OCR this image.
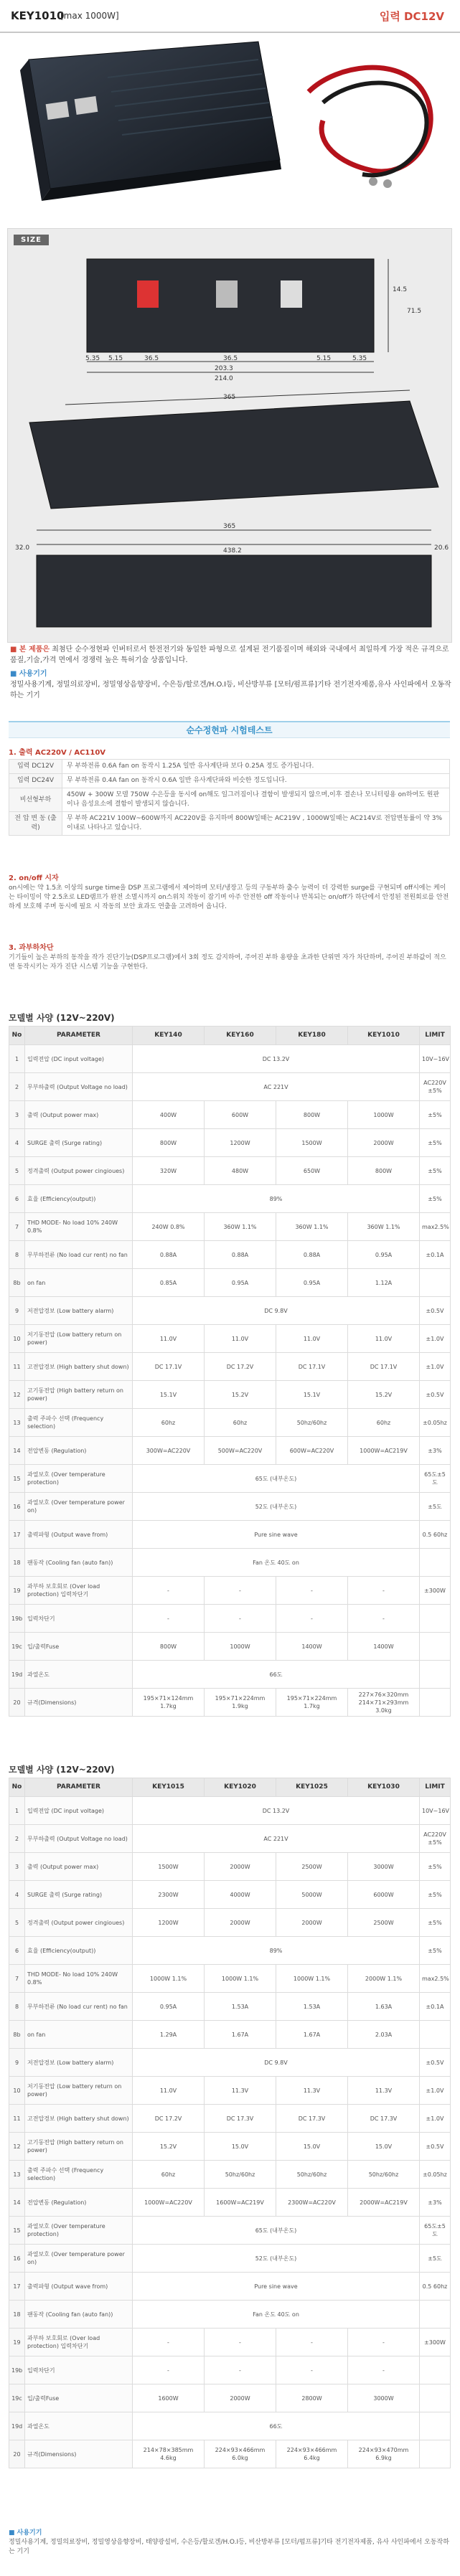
KEY1010
[max 1000W]	입력 DC12V
SIZE
5.35 5.15	36.5	36.5	5.15	5.35
203.3
214.0
14.5
71.5
365
32.0
365
438.2	20.6

■ 본 제품은 최첨단 순수정현파 인버터로서 한전전기와 동일한 파형으로 설계된 전기품질이며 해외와 국내에서 최일하게 가장 적은 규격으로 품질,기술,가격 면에서 경쟁력 높은 특허기술 상품입니다.

■ 사용기기

정밀사용기계, 정밀의료장비, 정밀영상음향장비, 수은등/할로겐/H.O.I등, 비산방부류 [모터/펌프류]기타 전기전자제품,유사 사인파에서 오동작하는 기기

순수정현파 시험테스트
1. 출력 AC220V / AC110V
입력 DC12V	무 부하전류 0.6A fan on 동작시 1.25A 일반 유사계단파 보다 0.25A 정도 증가됩니다.
입력 DC24V	무 부하전류 0.4A fan on 동작시 0.6A 일반 유사계단파와 비슷한 정도입니다.
비선형부하	450W + 300W 모델 750W 수은등을 동시에 on해도 일그러짐이나 결함이 발생되지 않으며,이후 결손나 모니터링용 on하여도 원판이나 음성요소에 결함이 발생되지 않습니다.
전 압 변 동 (출력)	무 부하 AC221V 100W~600W까지 AC220V를 유지하며 800W일때는 AC219V , 1000W일때는 AC214V로 전압변동률이 약 3% 이내로 나타나고 있습니다.
2. on/off 시자
on시에는 약 1.5초 이상의 surge time을 DSP 프로그램에서 제어하며 모터/냉장고 등의 구동부하 출수 능력이 더 강력한 surge를 구현되며 off시에는 케이는 타이밍이 약 2.5초로 LED램프가 완전 소멸시까지 on스위치 작동이 잠기며 아주 안전한 off 작동이나 반복되는 on/off가 하단에서 안정된 전원회로를 안전하게 보호해 주며 동시에 필요 시 작동의 보안 효과도 연출을 고려하여 옵니다.
3. 과부하차단
기기들이 높은 부하의 동작을 작가 진단기능(DSP프로그램)에서 3회 정도 감지하여, 주어진 부하 용량을 초과한 단위면 자가 차단하며, 주어진 부하값이 적으면 동작시키는 자가 진단 시스템 기능을 구현한다.
모델별 사양 (12V~220V)
No	PARAMETER	KEY140	KEY160	KEY180	KEY1010	LIMIT
1	입력전압 (DC input voltage)	DC 13.2V				10V~16V
2	무부하출력 (Output Voltage no load)	AC 221V				AC220V ±5%
3	출력 (Output power max)	400W	600W	800W	1000W	±5%
4	SURGE 출력 (Surge rating)	800W	1200W	1500W	2000W	±5%
5	정격출력 (Output power cingioues)	320W	480W	650W	800W	±5%
6	효율 (Efficiency(output))	89%				±5%
7	THD MODE- No load 10% 240W 0.8%	240W 0.8%	360W 1.1%	360W 1.1%	360W 1.1%	max2.5%
8	무부하전류 (No load cur rent) no fan	0.88A	0.88A	0.88A	0.95A	±0.1A
8b	on fan	0.85A	0.95A	0.95A	1.12A	
9	저전압경보 (Low battery alarm)	DC 9.8V				±0.5V
10	저기동전압 (Low battery return on power)	11.0V	11.0V	11.0V	11.0V	±1.0V
11	고전압경보 (High battery shut down)	DC 17.1V	DC 17.2V	DC 17.1V	DC 17.1V	±1.0V
12	고기동전압 (High battery return on power)	15.1V	15.2V	15.1V	15.2V	±0.5V
13	출력 주파수 선택 (Frequency selection)	60hz	60hz	50hz/60hz	60hz	±0.05hz
14	전압변동 (Regulation)	300W=AC220V	500W=AC220V	600W=AC220V	1000W=AC219V	±3%
15	과열보호 (Over temperature protection)	65도 (내부온도)				65도±5도
16	과열보호 (Over temperature power on)	52도 (내부온도)				±5도
17	출력파형 (Output wave from)	Pure sine wave				0.5 60hz
18	팬동작 (Cooling fan (auto fan))	Fan 온도 40도 on				
19	과부하 보호회로 (Over load protection) 입력차단기	-	-	-	-	±300W
19b	입력차단기	-	-	-	-	
19c	입/출력Fuse	800W	1000W	1400W	1400W	
19d	과열온도	66도				
20	규격(Dimensions)	195×71×124mm 1.7kg	195×71×224mm 1.9kg	195×71×224mm 1.7kg	227×76×320mm 214×71×293mm 3.0kg	
모델별 사양 (12V~220V)
No	PARAMETER	KEY1015	KEY1020	KEY1025	KEY1030	LIMIT
1	입력전압 (DC input voltage)	DC 13.2V				10V~16V
2	무부하출력 (Output Voltage no load)	AC 221V				AC220V ±5%
3	출력 (Output power max)	1500W	2000W	2500W	3000W	±5%
4	SURGE 출력 (Surge rating)	2300W	4000W	5000W	6000W	±5%
5	정격출력 (Output power cingioues)	1200W	2000W	2000W	2500W	±5%
6	효율 (Efficiency(output))	89%				±5%
7	THD MODE- No load 10% 240W 0.8%	1000W 1.1%	1000W 1.1%	1000W 1.1%	2000W 1.1%	max2.5%
8	무부하전류 (No load cur rent) no fan	0.95A	1.53A	1.53A	1.63A	±0.1A
8b	on fan	1.29A	1.67A	1.67A	2.03A	
9	저전압경보 (Low battery alarm)	DC 9.8V				±0.5V
10	저기동전압 (Low battery return on power)	11.0V	11.3V	11.3V	11.3V	±1.0V
11	고전압경보 (High battery shut down)	DC 17.2V	DC 17.3V	DC 17.3V	DC 17.3V	±1.0V
12	고기동전압 (High battery return on power)	15.2V	15.0V	15.0V	15.0V	±0.5V
13	출력 주파수 선택 (Frequency selection)	60hz	50hz/60hz	50hz/60hz	50hz/60hz	±0.05hz
14	전압변동 (Regulation)	1000W=AC220V	1600W=AC219V	2300W=AC220V	2000W=AC219V	±3%
15	과열보호 (Over temperature protection)	65도 (내부온도)				65도±5도
16	과열보호 (Over temperature power on)	52도 (내부온도)				±5도
17	출력파형 (Output wave from)	Pure sine wave				0.5 60hz
18	팬동작 (Cooling fan (auto fan))	Fan 온도 40도 on				
19	과부하 보호회로 (Over load protection) 입력차단기	-	-	-	-	±300W
19b	입력차단기	-	-	-	-	
19c	입/출력Fuse	1600W	2000W	2800W	3000W	
19d	과열온도	66도				
20	규격(Dimensions)	214×78×385mm 4.6kg	224×93×466mm 6.0kg	224×93×466mm 6.4kg	224×93×470mm 6.9kg	

■ 사용기기

정밀사용기계, 정밀의료장비, 정밀영상음향장비, 태양광설비, 수은등/할로겐/H.O.I등, 비산방부류 [모터/펌프류]기타 전기전자제품, 유사 사인파에서 오동작하는 기기
